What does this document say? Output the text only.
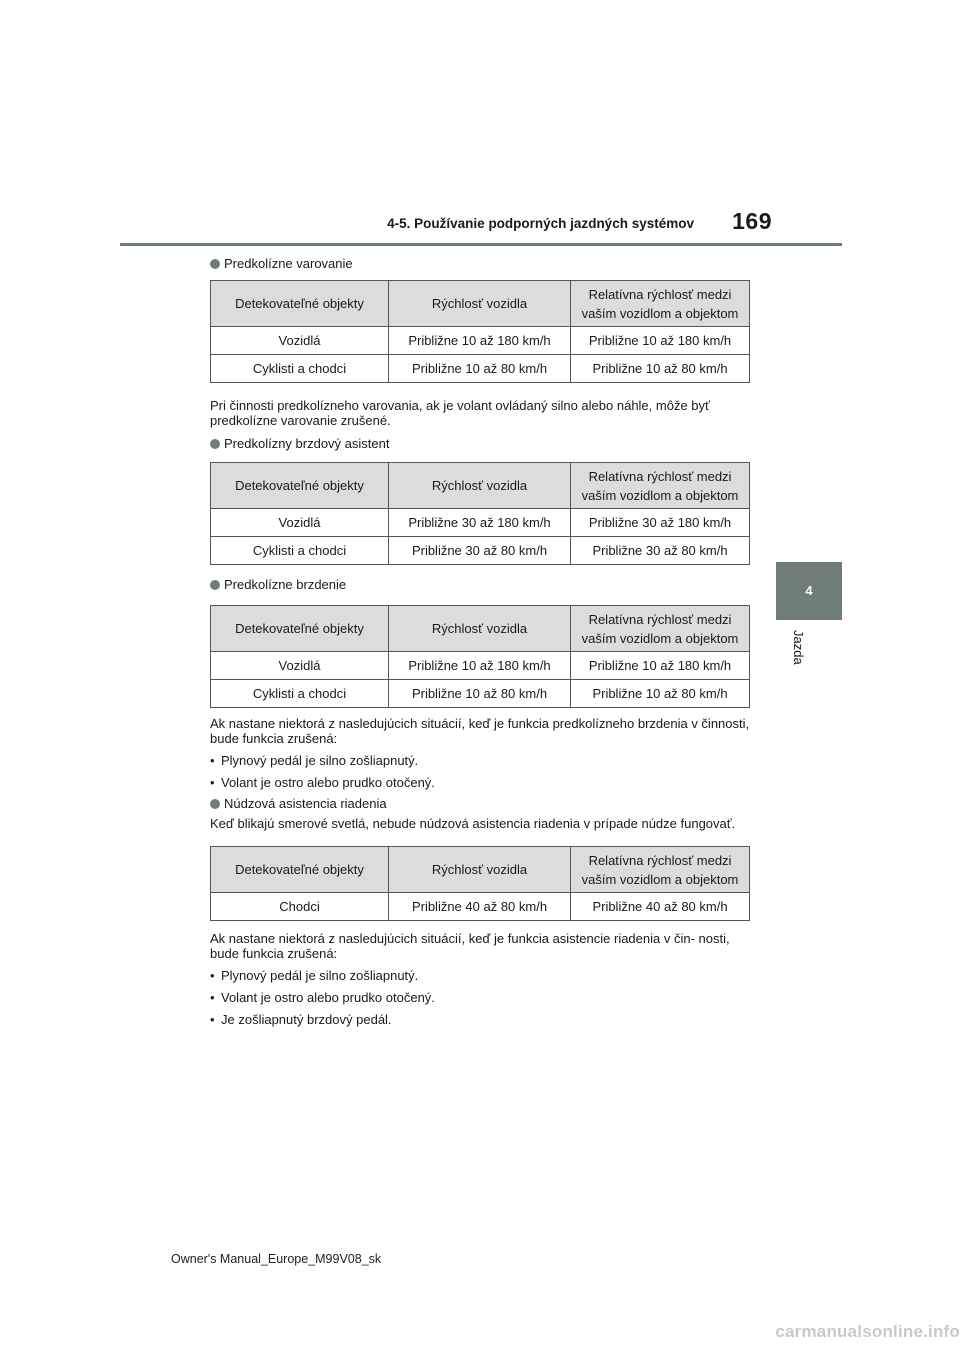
4-5. Používanie podporných jazdných systémov 169
4
Jazda
Predkolízne varovanie
Detekovateľné objekty	Rýchlosť vozidla	Relatívna rýchlosť medzi
vaším vozidlom a objektom
Vozidlá	Približne 10 až 180 km/h	Približne 10 až 180 km/h
Cyklisti a chodci	Približne 10 až 80 km/h	Približne 10 až 80 km/h

Pri činnosti predkolízneho varovania, ak je volant ovládaný silno alebo náhle, môže byť predkolízne varovanie zrušené.

Predkolízny brzdový asistent
Detekovateľné objekty	Rýchlosť vozidla	Relatívna rýchlosť medzi
vaším vozidlom a objektom
Vozidlá	Približne 30 až 180 km/h	Približne 30 až 180 km/h
Cyklisti a chodci	Približne 30 až 80 km/h	Približne 30 až 80 km/h
Predkolízne brzdenie
Detekovateľné objekty	Rýchlosť vozidla	Relatívna rýchlosť medzi
vaším vozidlom a objektom
Vozidlá	Približne 10 až 180 km/h	Približne 10 až 180 km/h
Cyklisti a chodci	Približne 10 až 80 km/h	Približne 10 až 80 km/h

Ak nastane niektorá z nasledujúcich situácií, keď je funkcia predkolízneho brzdenia v činnosti, bude funkcia zrušená:

• Plynový pedál je silno zošliapnutý.
• Volant je ostro alebo prudko otočený.
Núdzová asistencia riadenia

Keď blikajú smerové svetlá, nebude núdzová asistencia riadenia v prípade núdze fungovať.

Detekovateľné objekty	Rýchlosť vozidla	Relatívna rýchlosť medzi
vaším vozidlom a objektom
Chodci	Približne 40 až 80 km/h	Približne 40 až 80 km/h

Ak nastane niektorá z nasledujúcich situácií, keď je funkcia asistencie riadenia v čin- nosti, bude funkcia zrušená:

• Plynový pedál je silno zošliapnutý.
• Volant je ostro alebo prudko otočený.
• Je zošliapnutý brzdový pedál.
Owner's Manual_Europe_M99V08_sk
carmanualsonline.info
